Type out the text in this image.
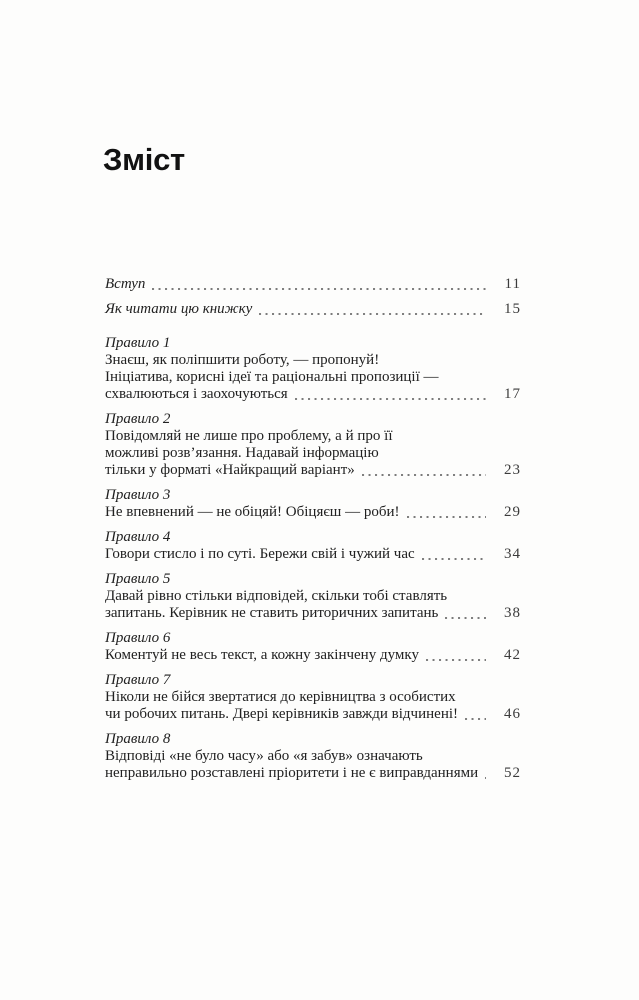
Зміст
Вступ	11
Як читати цю книжку	15
Правило 1
Знаєш, як поліпшити роботу, — пропонуй!
Ініціатива, корисні ідеї та раціональні пропозиції —
схвалюються і заохочуються	17
Правило 2
Повідомляй не лише про проблему, а й про її
можливі розв’язання. Надавай інформацію
тільки у форматі «Найкращий варіант»	23
Правило 3
Не впевнений — не обіцяй! Обіцяєш — роби!	29
Правило 4
Говори стисло і по суті. Бережи свій і чужий час	34
Правило 5
Давай рівно стільки відповідей, скільки тобі ставлять
запитань. Керівник не ставить риторичних запитань	38
Правило 6
Коментуй не весь текст, а кожну закінчену думку	42
Правило 7
Ніколи не бійся звертатися до керівництва з особистих
чи робочих питань. Двері керівників завжди відчинені!	46
Правило 8
Відповіді «не було часу» або «я забув» означають
неправильно розставлені пріоритети і не є виправданнями	52
